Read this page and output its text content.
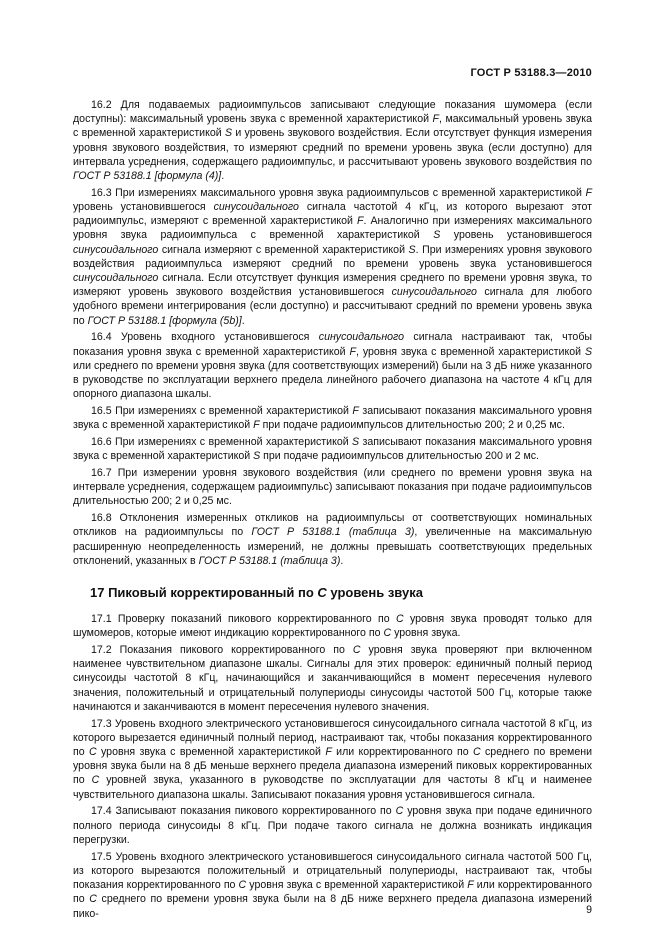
ГОСТ Р 53188.3—2010

16.2 Для подаваемых радиоимпульсов записывают следующие показания шумомера (если доступны): максимальный уровень звука с временной характеристикой F, максимальный уровень звука с временной характеристикой S и уровень звукового воздействия. Если отсутствует функция измерения уровня звукового воздействия, то измеряют средний по времени уровень звука (если доступно) для интервала усреднения, содержащего радиоимпульс, и рассчитывают уровень звукового воздействия по ГОСТ Р 53188.1 [формула (4)].

16.3 При измерениях максимального уровня звука радиоимпульсов с временной характеристикой F уровень установившегося синусоидального сигнала частотой 4 кГц, из которого вырезают этот радиоимпульс, измеряют с временной характеристикой F. Аналогично при измерениях максимального уровня звука радиоимпульса с временной характеристикой S уровень установившегося синусоидального сигнала измеряют с временной характеристикой S. При измерениях уровня звукового воздействия радиоимпульса измеряют средний по времени уровень звука установившегося синусоидального сигнала. Если отсутствует функция измерения среднего по времени уровня звука, то измеряют уровень звукового воздействия установившегося синусоидального сигнала для любого удобного времени интегрирования (если доступно) и рассчитывают средний по времени уровень звука по ГОСТ Р 53188.1 [формула (5b)].

16.4 Уровень входного установившегося синусоидального сигнала настраивают так, чтобы показания уровня звука с временной характеристикой F, уровня звука с временной характеристикой S или среднего по времени уровня звука (для соответствующих измерений) были на 3 дБ ниже указанного в руководстве по эксплуатации верхнего предела линейного рабочего диапазона на частоте 4 кГц для опорного диапазона шкалы.

16.5 При измерениях с временной характеристикой F записывают показания максимального уровня звука с временной характеристикой F при подаче радиоимпульсов длительностью 200; 2 и 0,25 мс.

16.6 При измерениях с временной характеристикой S записывают показания максимального уровня звука с временной характеристикой S при подаче радиоимпульсов длительностью 200 и 2 мс.

16.7 При измерении уровня звукового воздействия (или среднего по времени уровня звука на интервале усреднения, содержащем радиоимпульс) записывают показания при подаче радиоимпульсов длительностью 200; 2 и 0,25 мс.

16.8 Отклонения измеренных откликов на радиоимпульсы от соответствующих номинальных откликов на радиоимпульсы по ГОСТ Р 53188.1 (таблица 3), увеличенные на максимальную расширенную неопределенность измерений, не должны превышать соответствующих предельных отклонений, указанных в ГОСТ Р 53188.1 (таблица 3).

17 Пиковый корректированный по C уровень звука

17.1 Проверку показаний пикового корректированного по C уровня звука проводят только для шумомеров, которые имеют индикацию корректированного по C уровня звука.

17.2 Показания пикового корректированного по C уровня звука проверяют при включенном наименее чувствительном диапазоне шкалы. Сигналы для этих проверок: единичный полный период синусоиды частотой 8 кГц, начинающийся и заканчивающийся в момент пересечения нулевого значения, положительный и отрицательный полупериоды синусоиды частотой 500 Гц, которые также начинаются и заканчиваются в момент пересечения нулевого значения.

17.3 Уровень входного электрического установившегося синусоидального сигнала частотой 8 кГц, из которого вырезается единичный полный период, настраивают так, чтобы показания корректированного по C уровня звука с временной характеристикой F или корректированного по C среднего по времени уровня звука были на 8 дБ меньше верхнего предела диапазона измерений пиковых корректированных по C уровней звука, указанного в руководстве по эксплуатации для частоты 8 кГц и наименее чувствительного диапазона шкалы. Записывают показания уровня установившегося сигнала.

17.4 Записывают показания пикового корректированного по C уровня звука при подаче единичного полного периода синусоиды 8 кГц. При подаче такого сигнала не должна возникать индикация перегрузки.

17.5 Уровень входного электрического установившегося синусоидального сигнала частотой 500 Гц, из которого вырезаются положительный и отрицательный полупериоды, настраивают так, чтобы показания корректированного по C уровня звука с временной характеристикой F или корректированного по C среднего по времени уровня звука были на 8 дБ ниже верхнего предела диапазона измерений пико-	9
